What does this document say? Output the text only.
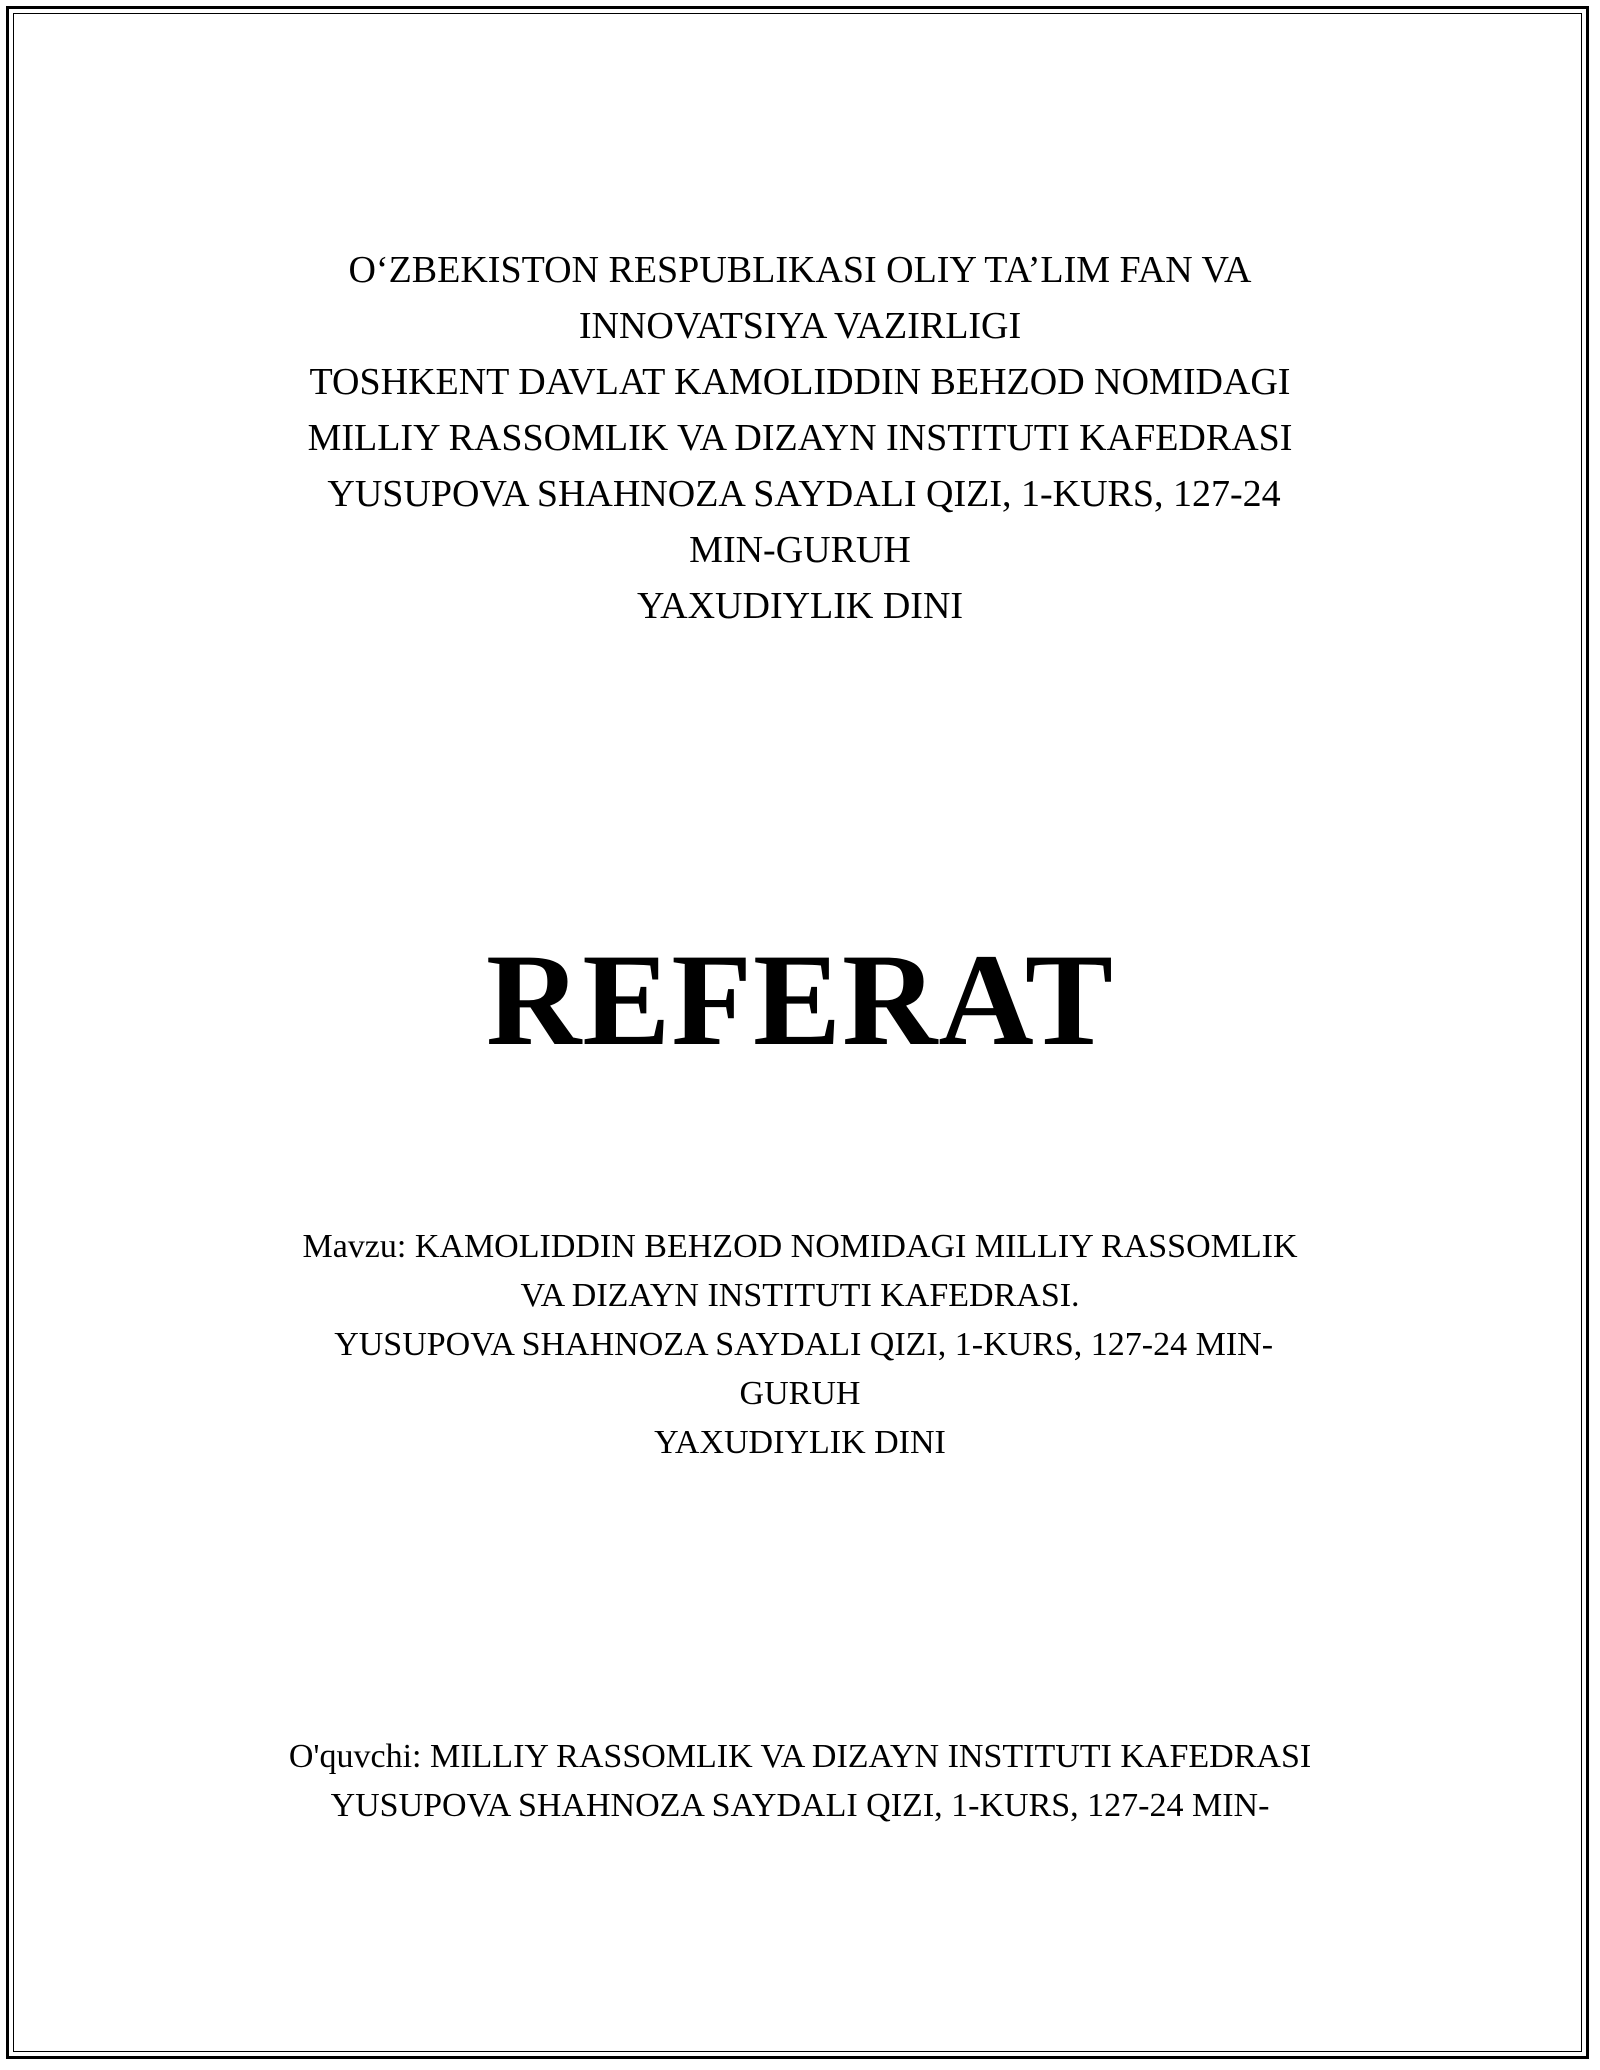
O‘ZBEKISTON RESPUBLIKASI OLIY TA’LIM FAN VA
INNOVATSIYA VAZIRLIGI
TOSHKENT DAVLAT KAMOLIDDIN BEHZOD NOMIDAGI
MILLIY RASSOMLIK VA DIZAYN INSTITUTI KAFEDRASI
YUSUPOVA SHAHNOZA SAYDALI QIZI, 1-KURS, 127-24
MIN-GURUH
YAXUDIYLIK DINI
REFERAT
Mavzu: KAMOLIDDIN BEHZOD NOMIDAGI MILLIY RASSOMLIK
VA DIZAYN INSTITUTI KAFEDRASI.
YUSUPOVA SHAHNOZA SAYDALI QIZI, 1-KURS, 127-24 MIN-
GURUH
YAXUDIYLIK DINI
O'quvchi: MILLIY RASSOMLIK VA DIZAYN INSTITUTI KAFEDRASI
YUSUPOVA SHAHNOZA SAYDALI QIZI, 1-KURS, 127-24 MIN-
